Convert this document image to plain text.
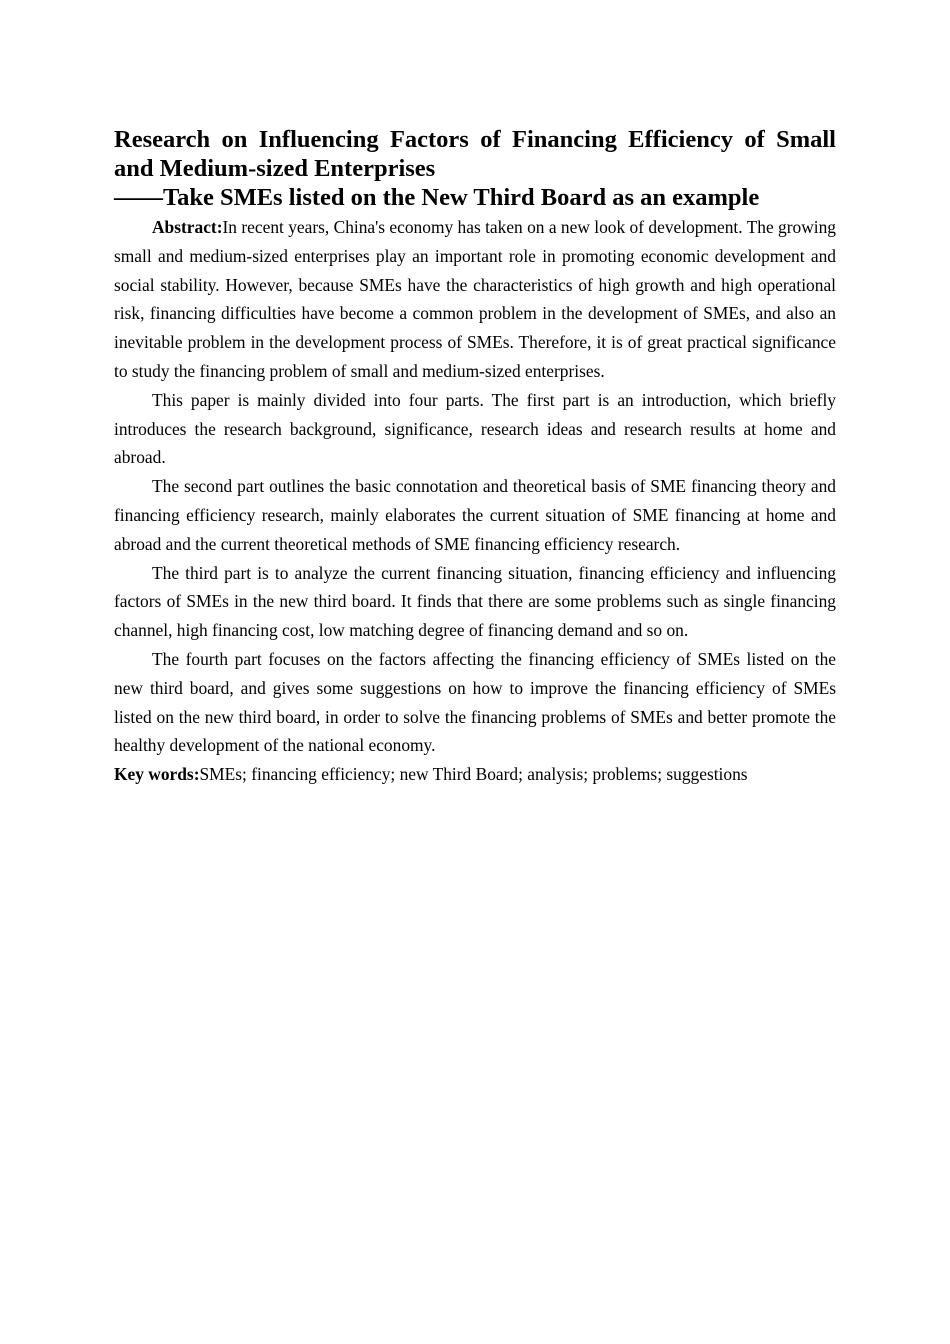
Research on Influencing Factors of Financing Efficiency of Small and Medium-sized Enterprises
——Take SMEs listed on the New Third Board as an example

Abstract:In recent years, China's economy has taken on a new look of development. The growing small and medium-sized enterprises play an important role in promoting economic development and social stability. However, because SMEs have the characteristics of high growth and high operational risk, financing difficulties have become a common problem in the development of SMEs, and also an inevitable problem in the development process of SMEs. Therefore, it is of great practical significance to study the financing problem of small and medium-sized enterprises.

This paper is mainly divided into four parts. The first part is an introduction, which briefly introduces the research background, significance, research ideas and research results at home and abroad.

The second part outlines the basic connotation and theoretical basis of SME financing theory and financing efficiency research, mainly elaborates the current situation of SME financing at home and abroad and the current theoretical methods of SME financing efficiency research.

The third part is to analyze the current financing situation, financing efficiency and influencing factors of SMEs in the new third board. It finds that there are some problems such as single financing channel, high financing cost, low matching degree of financing demand and so on.

The fourth part focuses on the factors affecting the financing efficiency of SMEs listed on the new third board, and gives some suggestions on how to improve the financing efficiency of SMEs listed on the new third board, in order to solve the financing problems of SMEs and better promote the healthy development of the national economy.

Key words:SMEs; financing efficiency; new Third Board; analysis; problems; suggestions
